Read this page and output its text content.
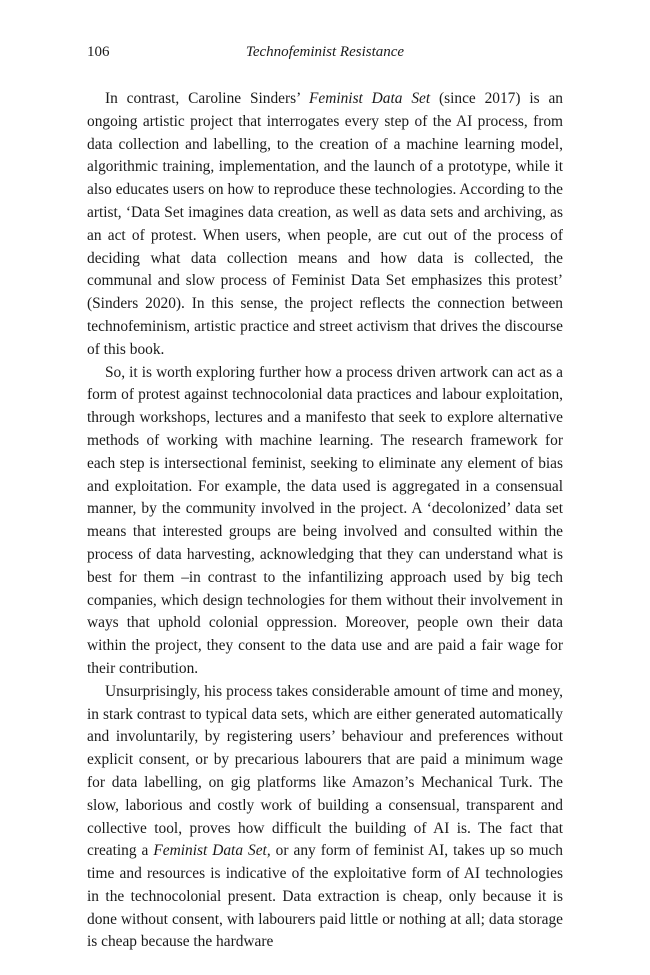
106	Technofeminist Resistance

In contrast, Caroline Sinders’ Feminist Data Set (since 2017) is an ongoing artistic project that interrogates every step of the AI process, from data collection and labelling, to the creation of a machine learning model, algorithmic training, implementation, and the launch of a prototype, while it also educates users on how to reproduce these technologies. According to the artist, ‘Data Set imagines data creation, as well as data sets and archiving, as an act of protest. When users, when people, are cut out of the process of deciding what data collection means and how data is collected, the communal and slow process of Feminist Data Set emphasizes this protest’ (Sinders 2020). In this sense, the project reflects the connection between technofeminism, artistic practice and street activism that drives the discourse of this book.

So, it is worth exploring further how a process driven artwork can act as a form of protest against technocolonial data practices and labour exploitation, through workshops, lectures and a manifesto that seek to explore alternative methods of working with machine learning. The research framework for each step is intersectional feminist, seeking to eliminate any element of bias and exploitation. For example, the data used is aggregated in a consensual manner, by the community involved in the project. A ‘decolonized’ data set means that interested groups are being involved and consulted within the process of data harvesting, acknowledging that they can understand what is best for them –in contrast to the infantilizing approach used by big tech companies, which design technologies for them without their involvement in ways that uphold colonial oppression. Moreover, people own their data within the project, they consent to the data use and are paid a fair wage for their contribution.

Unsurprisingly, his process takes considerable amount of time and money, in stark contrast to typical data sets, which are either generated automatically and involuntarily, by registering users’ behaviour and preferences without explicit consent, or by precarious labourers that are paid a minimum wage for data labelling, on gig platforms like Amazon’s Mechanical Turk. The slow, laborious and costly work of building a consensual, transparent and collective tool, proves how difficult the building of AI is. The fact that creating a Feminist Data Set, or any form of feminist AI, takes up so much time and resources is indicative of the exploitative form of AI technologies in the technocolonial present. Data extraction is cheap, only because it is done without consent, with labourers paid little or nothing at all; data storage is cheap because the hardware
